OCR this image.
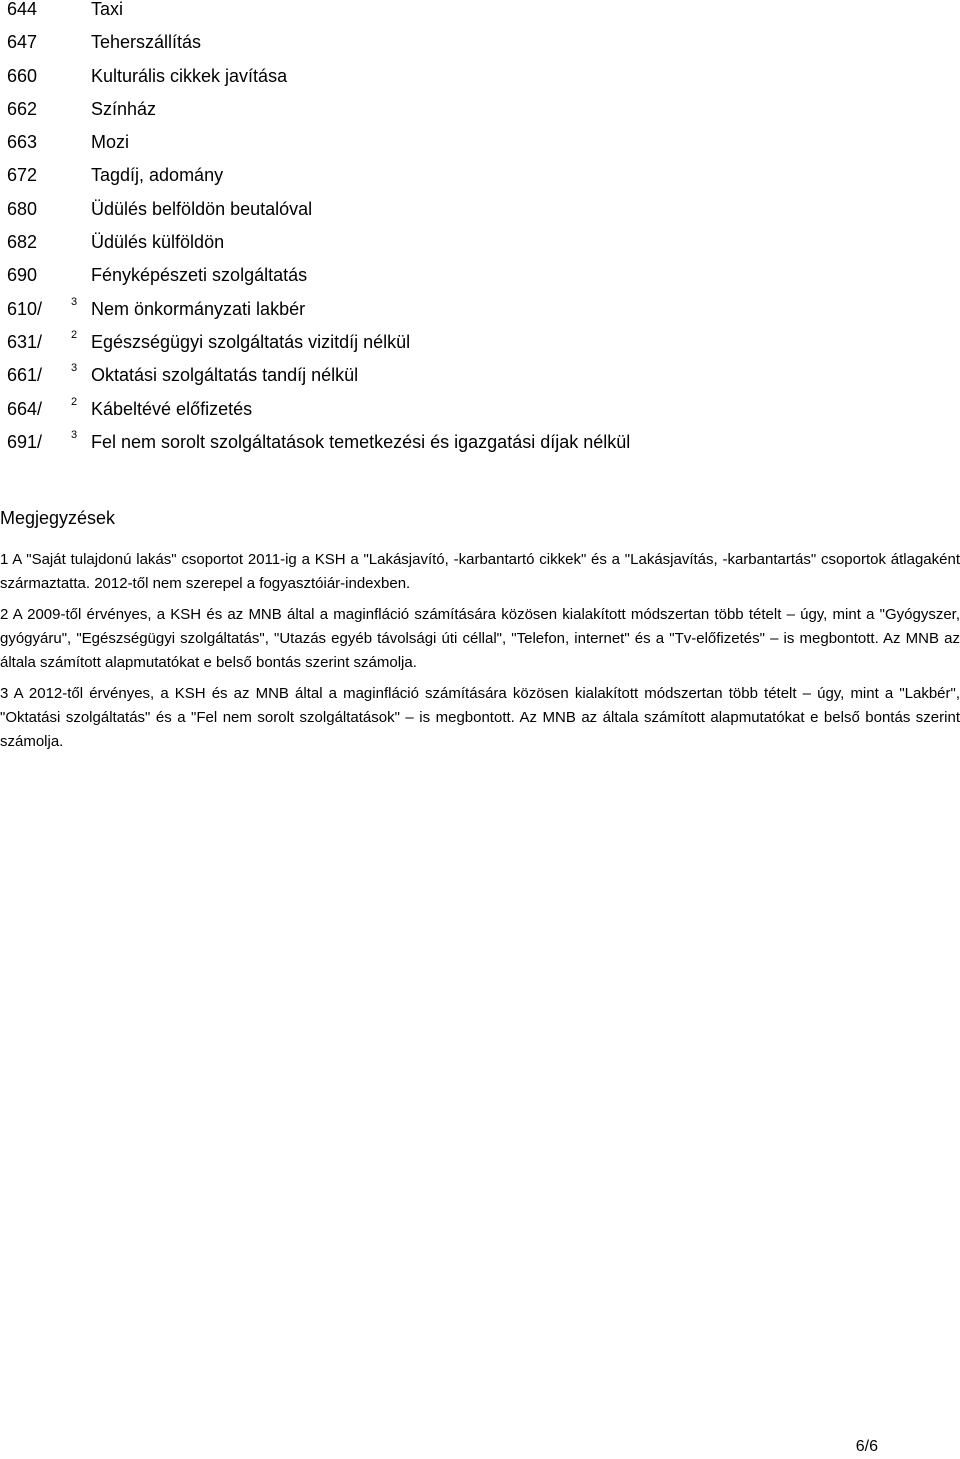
644	Taxi
647	Teherszállítás
660	Kulturális cikkek javítása
662	Színház
663	Mozi
672	Tagdíj, adomány
680	Üdülés belföldön beutalóval
682	Üdülés külföldön
690	Fényképészeti szolgáltatás
610/	3 Nem önkormányzati lakbér
631/	2 Egészségügyi szolgáltatás vizitdíj nélkül
661/	3 Oktatási szolgáltatás tandíj nélkül
664/	2 Kábeltévé előfizetés
691/	3 Fel nem sorolt szolgáltatások temetkezési és igazgatási díjak nélkül
Megjegyzések

1 A "Saját tulajdonú lakás" csoportot 2011-ig a KSH a "Lakásjavító, -karbantartó cikkek" és a "Lakásjavítás, -karbantartás" csoportok átlagaként származtatta. 2012-től nem szerepel a fogyasztóiár-indexben.

2 A 2009-től érvényes, a KSH és az MNB által a maginfláció számítására közösen kialakított módszertan több tételt – úgy, mint a "Gyógyszer, gyógyáru", "Egészségügyi szolgáltatás", "Utazás egyéb távolsági úti céllal", "Telefon, internet" és a "Tv-előfizetés" – is megbontott. Az MNB az általa számított alapmutatókat e belső bontás szerint számolja.

3 A 2012-től érvényes, a KSH és az MNB által a maginfláció számítására közösen kialakított módszertan több tételt – úgy, mint a "Lakbér", "Oktatási szolgáltatás" és a "Fel nem sorolt szolgáltatások" – is megbontott. Az MNB az általa számított alapmutatókat e belső bontás szerint számolja.

6/6
